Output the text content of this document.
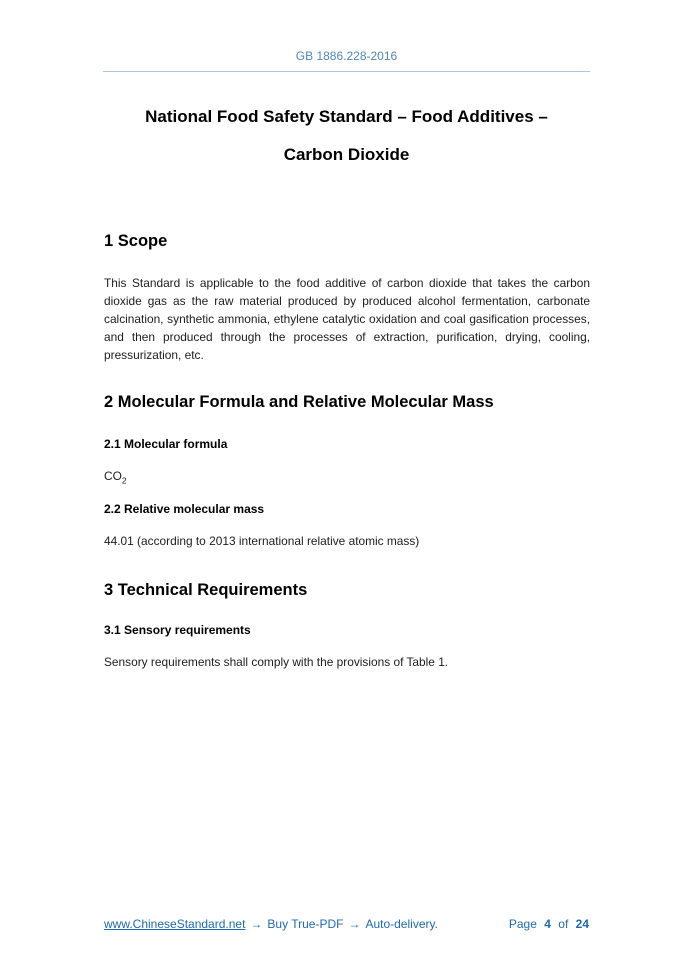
GB 1886.228-2016
National Food Safety Standard – Food Additives –
Carbon Dioxide
1 Scope

This Standard is applicable to the food additive of carbon dioxide that takes the carbon dioxide gas as the raw material produced by produced alcohol fermentation, carbonate calcination, synthetic ammonia, ethylene catalytic oxidation and coal gasification processes, and then produced through the processes of extraction, purification, drying, cooling, pressurization, etc.

2 Molecular Formula and Relative Molecular Mass
2.1 Molecular formula

$CO_2$

2.2 Relative molecular mass

44.01 (according to 2013 international relative atomic mass)

3 Technical Requirements
3.1 Sensory requirements

Sensory requirements shall comply with the provisions of Table 1.

www.ChineseStandard.net → Buy True-PDF → Auto-delivery.	Page 4 of 24
